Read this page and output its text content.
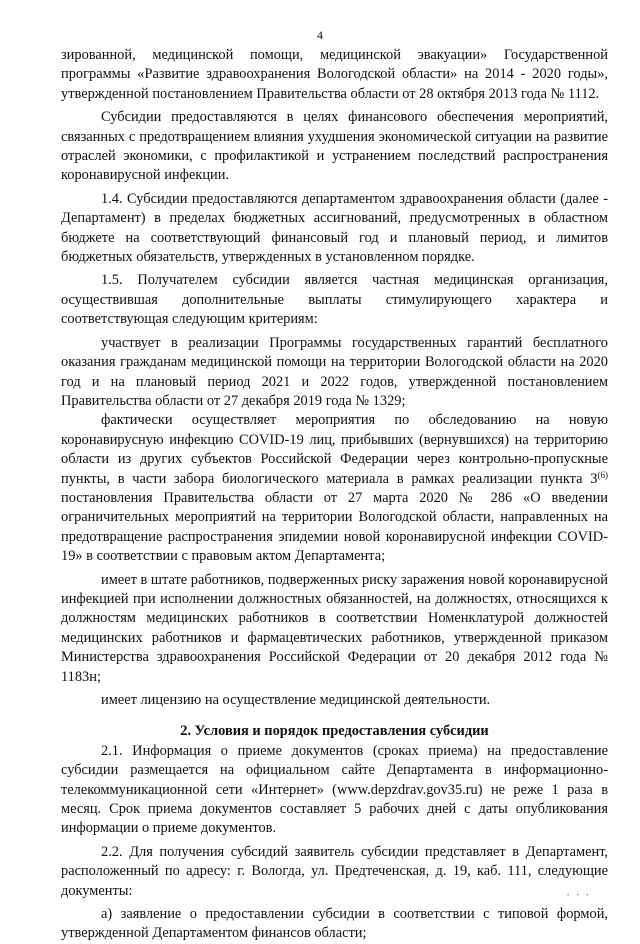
4

зированной, медицинской помощи, медицинской эвакуации» Государственной программы «Развитие здравоохранения Вологодской области» на 2014 - 2020 годы», утвержденной постановлением Правительства области от 28 октября 2013 года № 1112.

Субсидии предоставляются в целях финансового обеспечения мероприятий, связанных с предотвращением влияния ухудшения экономической ситуации на развитие отраслей экономики, с профилактикой и устранением последствий распространения коронавирусной инфекции.

1.4. Субсидии предоставляются департаментом здравоохранения области (далее - Департамент) в пределах бюджетных ассигнований, предусмотренных в областном бюджете на соответствующий финансовый год и плановый период, и лимитов бюджетных обязательств, утвержденных в установленном порядке.

1.5. Получателем субсидии является частная медицинская организация, осуществившая дополнительные выплаты стимулирующего характера и соответствующая следующим критериям:

участвует в реализации Программы государственных гарантий бесплатного оказания гражданам медицинской помощи на территории Вологодской области на 2020 год и на плановый период 2021 и 2022 годов, утвержденной постановлением Правительства области от 27 декабря 2019 года № 1329;

фактически осуществляет мероприятия по обследованию на новую коронавирусную инфекцию COVID-19 лиц, прибывших (вернувшихся) на территорию области из других субъектов Российской Федерации через контрольно-пропускные пункты, в части забора биологического материала в рамках реализации пункта 3$^{(6)}$ постановления Правительства области от 27 марта 2020 № 286 «О введении ограничительных мероприятий на территории Вологодской области, направленных на предотвращение распространения эпидемии новой коронавирусной инфекции COVID-19» в соответствии с правовым актом Департамента;

имеет в штате работников, подверженных риску заражения новой коронавирусной инфекцией при исполнении должностных обязанностей, на должностях, относящихся к должностям медицинских работников в соответствии Номенклатурой должностей медицинских работников и фармацевтических работников, утвержденной приказом Министерства здравоохранения Российской Федерации от 20 декабря 2012 года № 1183н;

имеет лицензию на осуществление медицинской деятельности.

2. Условия и порядок предоставления субсидии

2.1. Информация о приеме документов (сроках приема) на предоставление субсидии размещается на официальном сайте Департамента в информационно-телекоммуникационной сети «Интернет» (www.depzdrav.gov35.ru) не реже 1 раза в месяц. Срок приема документов составляет 5 рабочих дней с даты опубликования информации о приеме документов.

2.2. Для получения субсидий заявитель субсидии представляет в Департамент, расположенный по адресу: г. Вологда, ул. Предтеченская, д. 19, каб. 111, следующие документы:

а) заявление о предоставлении субсидии в соответствии с типовой формой, утвержденной Департаментом финансов области;

• • •
